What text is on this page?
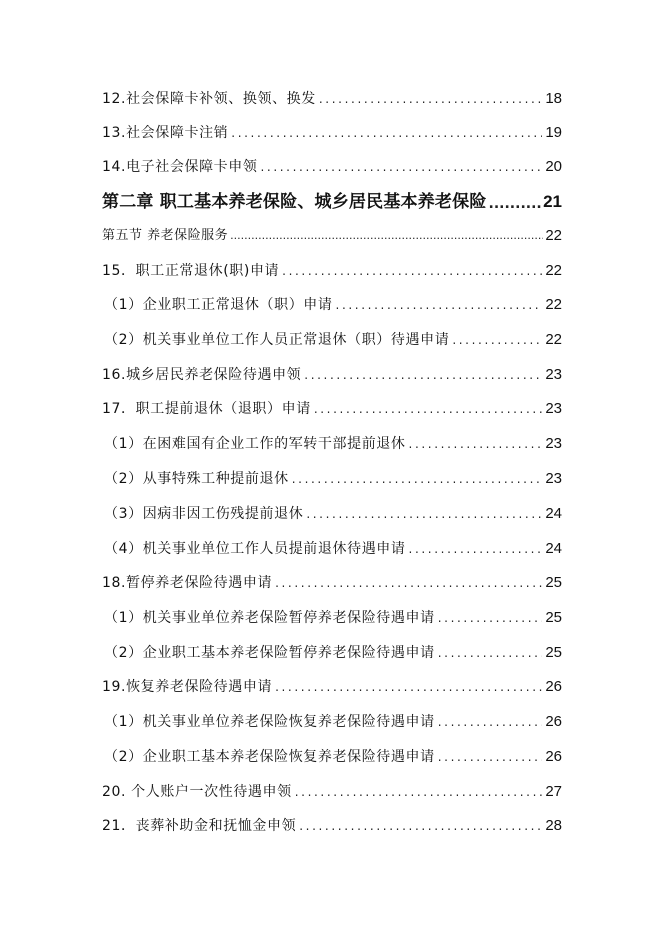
12.社会保障卡补领、换领、换发 . . .	18
13.社会保障卡注销 . . .	19
14.电子社会保障卡申领 . . .	20
第二章 职工基本养老保险、城乡居民基本养老保险 .....	21
第五节 养老保险服务 .....	22
15．职工正常退休(职)申请 . . .	22
（1）企业职工正常退休（职）申请 . . .	22
（2）机关事业单位工作人员正常退休（职）待遇申请 . . .	22
16.城乡居民养老保险待遇申领 . . .	23
17．职工提前退休（退职）申请 . . .	23
（1）在困难国有企业工作的军转干部提前退休 . . .	23
（2）从事特殊工种提前退休 . . .	23
（3）因病非因工伤残提前退休 . . .	24
（4）机关事业单位工作人员提前退休待遇申请 . . .	24
18.暂停养老保险待遇申请 . . .	25
（1）机关事业单位养老保险暂停养老保险待遇申请 . . .	25
（2）企业职工基本养老保险暂停养老保险待遇申请 . . .	25
19.恢复养老保险待遇申请 . . .	26
（1）机关事业单位养老保险恢复养老保险待遇申请 . . .	26
（2）企业职工基本养老保险恢复养老保险待遇申请 . . .	26
20. 个人账户一次性待遇申领 . . .	27
21．丧葬补助金和抚恤金申领 . . .	28
